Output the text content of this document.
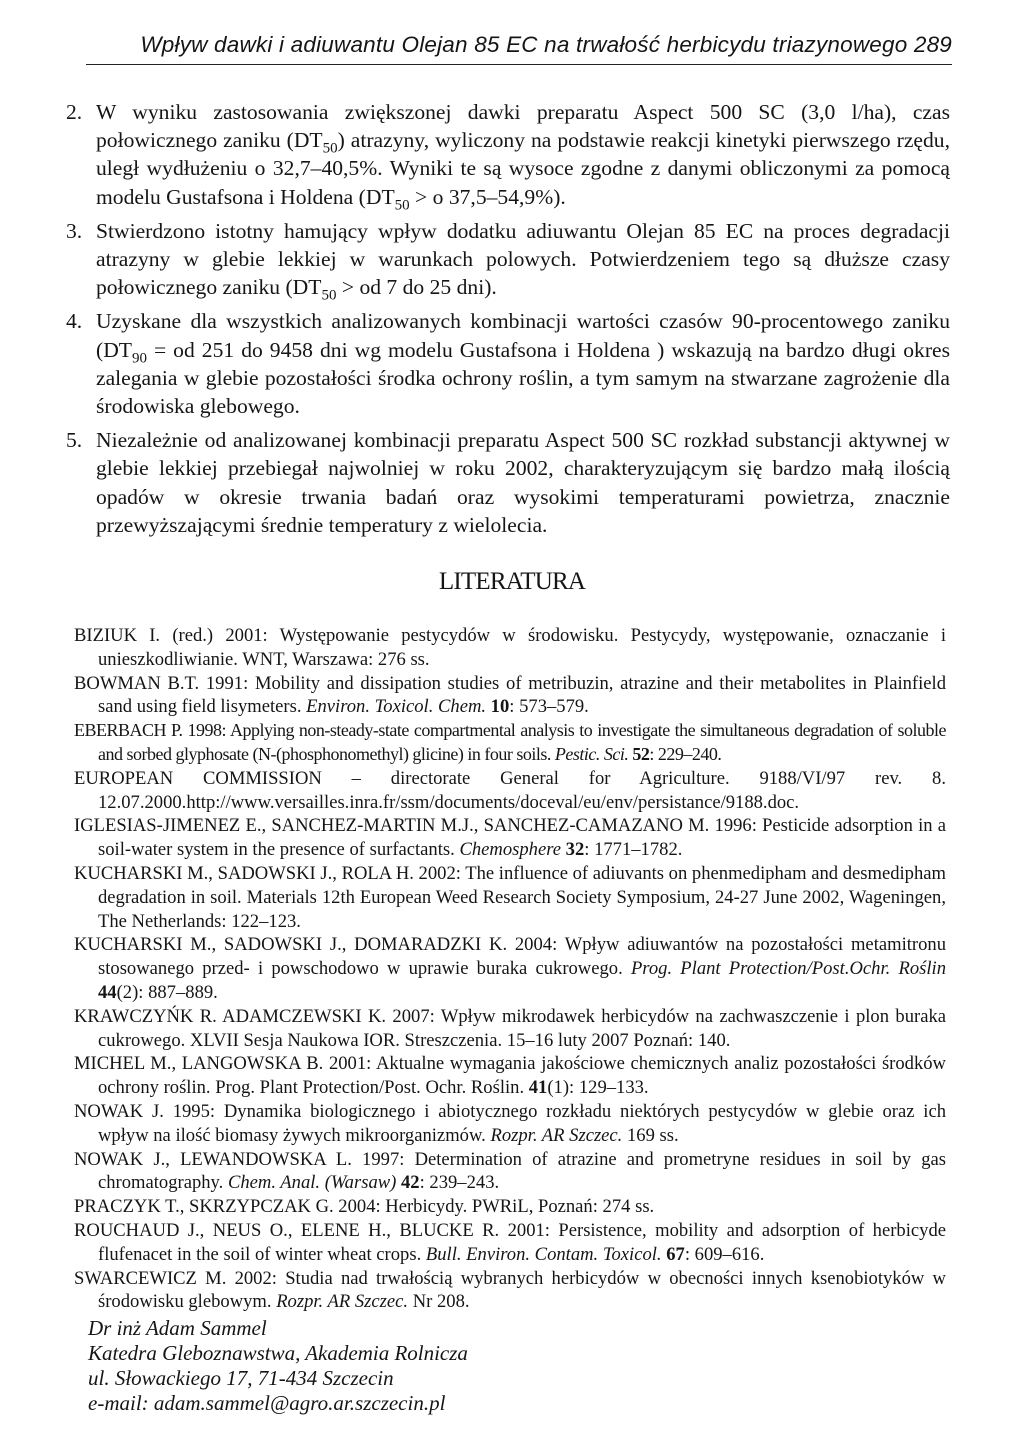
Wpływ dawki i adiuwantu Olejan 85 EC na trwałość herbicydu triazynowego 289
2. W wyniku zastosowania zwiększonej dawki preparatu Aspect 500 SC (3,0 l/ha), czas połowicznego zaniku $(DT_{50})$ atrazyny, wyliczony na podstawie reakcji kinetyki pierwszego rzędu, uległ wydłużeniu o 32,7–40,5%. Wyniki te są wysoce zgodne z danymi obliczonymi za pomocą modelu Gustafsona i Holdena ($DT_{50} > o$ 37,5–54,9%).
3. Stwierdzono istotny hamujący wpływ dodatku adiuwantu Olejan 85 EC na proces degradacji atrazyny w glebie lekkiej w warunkach polowych. Potwierdzeniem tego są dłuższe czasy połowicznego zaniku ($DT_{50}$ > od 7 do 25 dni).
4. Uzyskane dla wszystkich analizowanych kombinacji wartości czasów 90-procentowego zaniku ($DT_{90}$ = od 251 do 9458 dni wg modelu Gustafsona i Holdena ) wskazują na bardzo długi okres zalegania w glebie pozostałości środka ochrony roślin, a tym samym na stwarzane zagrożenie dla środowiska glebowego.
5. Niezależnie od analizowanej kombinacji preparatu Aspect 500 SC rozkład substancji aktywnej w glebie lekkiej przebiegał najwolniej w roku 2002, charakteryzującym się bardzo małą ilością opadów w okresie trwania badań oraz wysokimi temperaturami powietrza, znacznie przewyższającymi średnie temperatury z wielolecia.
LITERATURA
BIZIUK I. (red.) 2001: Występowanie pestycydów w środowisku. Pestycydy, występowanie, oznaczanie i unieszkodliwianie. WNT, Warszawa: 276 ss.
BOWMAN B.T. 1991: Mobility and dissipation studies of metribuzin, atrazine and their metabolites in Plainfield sand using field lisymeters. Environ. Toxicol. Chem. 10: 573–579.
EBERBACH P. 1998: Applying non-steady-state compartmental analysis to investigate the simultaneous degradation of soluble and sorbed glyphosate (N-(phosphonomethyl) glicine) in four soils. Pestic. Sci. 52: 229–240.
EUROPEAN COMMISSION – directorate General for Agriculture. 9188/VI/97 rev. 8. 12.07.2000.http://www.versailles.inra.fr/ssm/documents/doceval/eu/env/persistance/9188.doc.
IGLESIAS-JIMENEZ E., SANCHEZ-MARTIN M.J., SANCHEZ-CAMAZANO M. 1996: Pesticide adsorption in a soil-water system in the presence of surfactants. Chemosphere 32: 1771–1782.
KUCHARSKI M., SADOWSKI J., ROLA H. 2002: The influence of adiuvants on phenmedipham and desmedipham degradation in soil. Materials 12th European Weed Research Society Symposium, 24-27 June 2002, Wageningen, The Netherlands: 122–123.
KUCHARSKI M., SADOWSKI J., DOMARADZKI K. 2004: Wpływ adiuwantów na pozostałości metamitronu stosowanego przed- i powschodowo w uprawie buraka cukrowego. Prog. Plant Protection/Post.Ochr. Roślin 44(2): 887–889.
KRAWCZYŃK R. ADAMCZEWSKI K. 2007: Wpływ mikrodawek herbicydów na zachwaszczenie i plon buraka cukrowego. XLVII Sesja Naukowa IOR. Streszczenia. 15–16 luty 2007 Poznań: 140.
MICHEL M., LANGOWSKA B. 2001: Aktualne wymagania jakościowe chemicznych analiz pozostałości środków ochrony roślin. Prog. Plant Protection/Post. Ochr. Roślin. 41(1): 129–133.
NOWAK J. 1995: Dynamika biologicznego i abiotycznego rozkładu niektórych pestycydów w glebie oraz ich wpływ na ilość biomasy żywych mikroorganizmów. Rozpr. AR Szczec. 169 ss.
NOWAK J., LEWANDOWSKA L. 1997: Determination of atrazine and prometryne residues in soil by gas chromatography. Chem. Anal. (Warsaw) 42: 239–243.
PRACZYK T., SKRZYPCZAK G. 2004: Herbicydy. PWRiL, Poznań: 274 ss.
ROUCHAUD J., NEUS O., ELENE H., BLUCKE R. 2001: Persistence, mobility and adsorption of herbicyde flufenacet in the soil of winter wheat crops. Bull. Environ. Contam. Toxicol. 67: 609–616.
SWARCEWICZ M. 2002: Studia nad trwałością wybranych herbicydów w obecności innych ksenobiotyków w środowisku glebowym. Rozpr. AR Szczec. Nr 208.
Dr inż Adam Sammel
Katedra Gleboznawstwa, Akademia Rolnicza
ul. Słowackiego 17, 71-434 Szczecin
e-mail: adam.sammel@agro.ar.szczecin.pl
